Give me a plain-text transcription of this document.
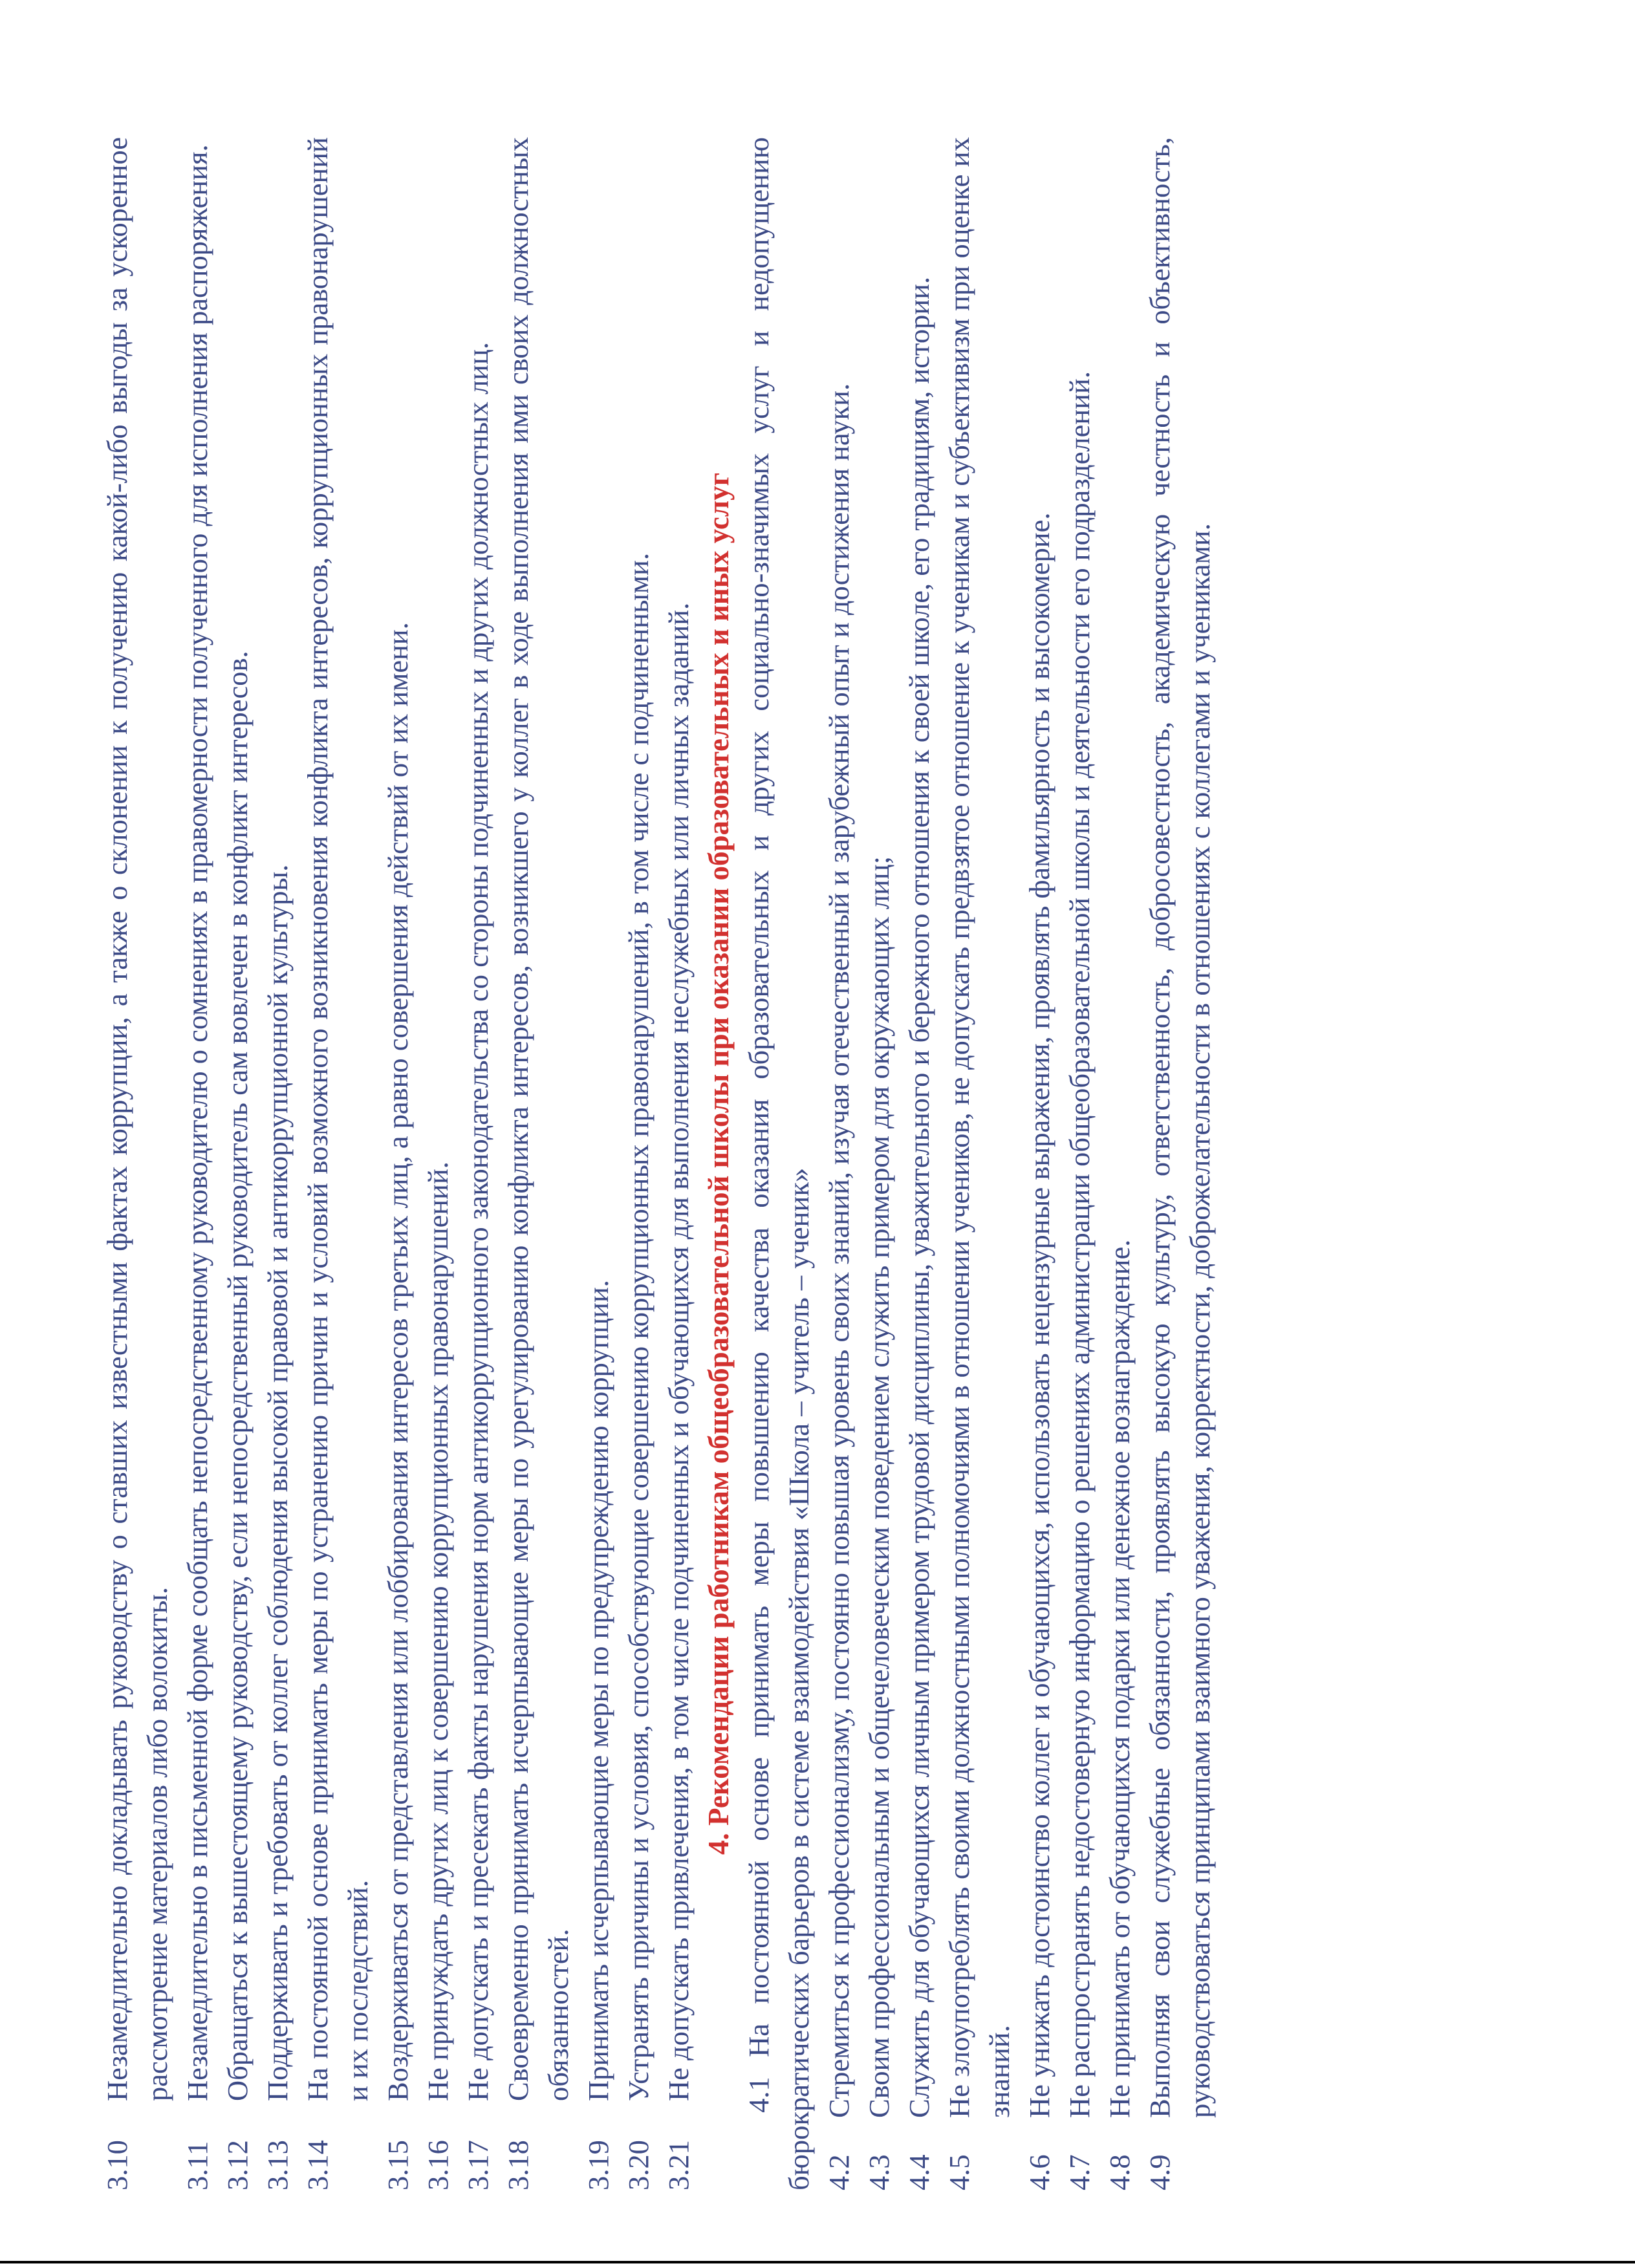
3.10
Незамедлительно докладывать руководству о ставших известными фактах коррупции, а также о склонении к получению какой-либо выгоды за ускоренное рассмотрение материалов либо волокиты.

3.11
Незамедлительно в письменной форме сообщать непосредственному руководителю о сомнениях в правомерности полученного для исполнения распоряжения.

3.12
Обращаться к вышестоящему руководству, если непосредственный руководитель сам вовлечен в конфликт интересов.

3.13
Поддерживать и требовать от коллег соблюдения высокой правовой и антикоррупционной культуры.

3.14
На постоянной основе принимать меры по устранению причин и условий возможного возникновения конфликта интересов, коррупционных правонарушений и их последствий.

3.15
Воздерживаться от представления или лоббирования интересов третьих лиц, а равно совершения действий от их имени.

3.16
Не принуждать других лиц к совершению коррупционных правонарушений.

3.17
Не допускать и пресекать факты нарушения норм антикоррупционного законодательства со стороны подчиненных и других должностных лиц.

3.18
Своевременно принимать исчерпывающие меры по урегулированию конфликта интересов, возникшего у коллег в ходе выполнения ими своих должностных обязанностей.

3.19
Принимать исчерпывающие меры по предупреждению коррупции.

3.20
Устранять причины и условия, способствующие совершению коррупционных правонарушений, в том числе с подчиненными.

3.21
Не допускать привлечения, в том числе подчиненных и обучающихся для выполнения неслужебных или личных заданий. 4. Рекомендации работникам общеобразовательной школы при оказании образовательных и иных услуг 4.1 На постоянной основе принимать меры повышению качества оказания образовательных и других социально-значимых услуг и недопущению бюрократических барьеров в системе взаимодействия «Школа – учитель – ученик» 4.2
Стремиться к профессионализму, постоянно повышая уровень своих знаний, изучая отечественный и зарубежный опыт и достижения науки.

4.3
Своим профессиональным и общечеловеческим поведением служить примером для окружающих лиц;

4.4
Служить для обучающихся личным примером трудовой дисциплины, уважительного и бережного отношения к своей школе, его традициям, истории.

4.5
Не злоупотреблять своими должностными полномочиями в отношении учеников, не допускать предвзятое отношение к ученикам и субъективизм при оценке их знаний.

4.6
Не унижать достоинство коллег и обучающихся, использовать нецензурные выражения, проявлять фамильярность и высокомерие.

4.7
Не распространять недостоверную информацию о решениях администрации общеобразовательной школы и деятельности его подразделений.

4.8
Не принимать от обучающихся подарки или денежное вознаграждение.

4.9
Выполняя свои служебные обязанности, проявлять высокую культуру, ответственность, добросовестность, академическую честность и объективность, руководствоваться принципами взаимного уважения, корректности, доброжелательности в отношениях с коллегами и учениками.
